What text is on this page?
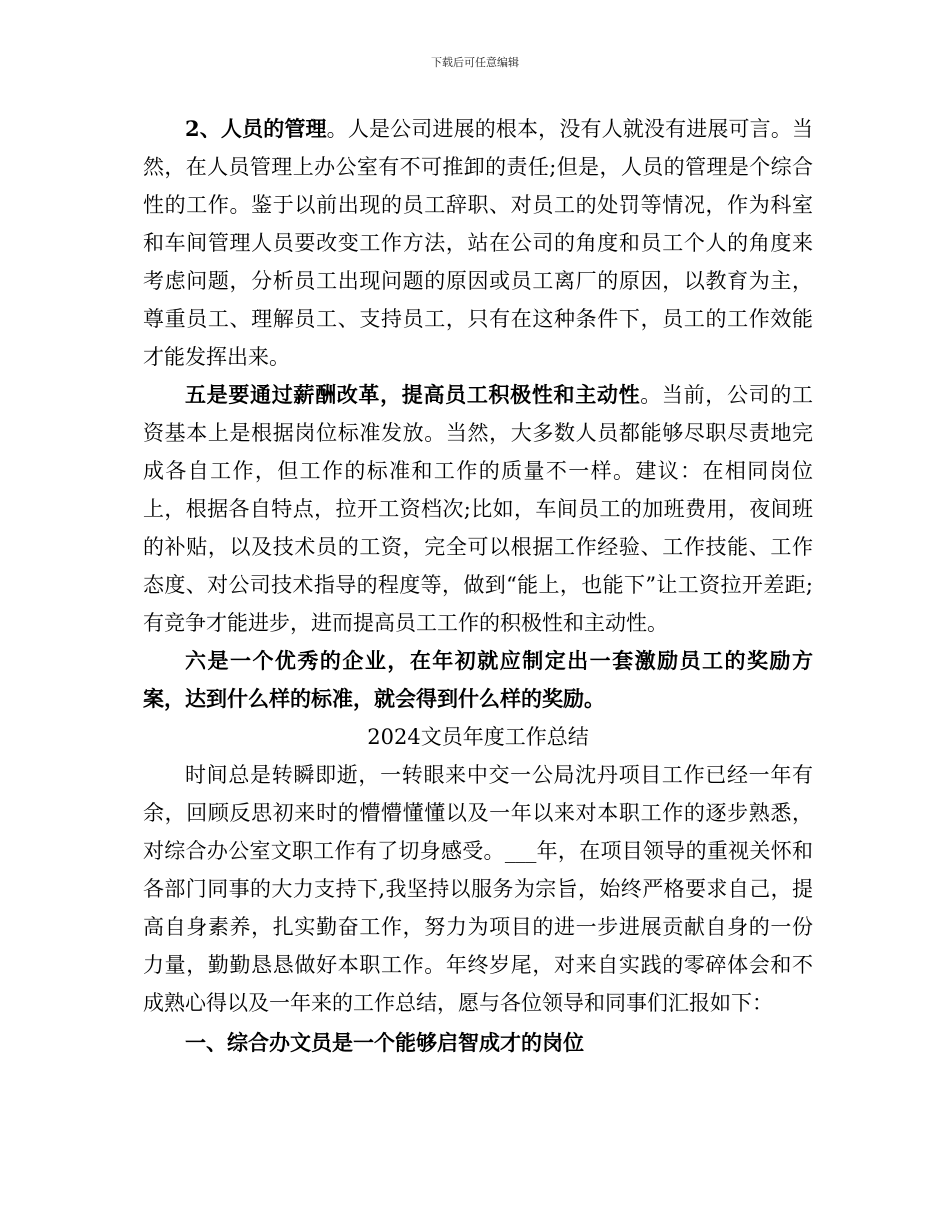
下载后可任意编辑

2、人员的管理。人是公司进展的根本，没有人就没有进展可言。当然，在人员管理上办公室有不可推卸的责任;但是，人员的管理是个综合性的工作。鉴于以前出现的员工辞职、对员工的处罚等情况，作为科室和车间管理人员要改变工作方法，站在公司的角度和员工个人的角度来考虑问题，分析员工出现问题的原因或员工离厂的原因，以教育为主，尊重员工、理解员工、支持员工，只有在这种条件下，员工的工作效能才能发挥出来。

五是要通过薪酬改革，提高员工积极性和主动性。当前，公司的工资基本上是根据岗位标准发放。当然，大多数人员都能够尽职尽责地完成各自工作，但工作的标准和工作的质量不一样。建议：在相同岗位上，根据各自特点，拉开工资档次;比如，车间员工的加班费用，夜间班的补贴，以及技术员的工资，完全可以根据工作经验、工作技能、工作态度、对公司技术指导的程度等，做到“能上，也能下”让工资拉开差距;有竞争才能进步，进而提高员工工作的积极性和主动性。

六是一个优秀的企业，在年初就应制定出一套激励员工的奖励方案，达到什么样的标准，就会得到什么样的奖励。

2024文员年度工作总结

时间总是转瞬即逝，一转眼来中交一公局沈丹项目工作已经一年有余，回顾反思初来时的懵懵懂懂以及一年以来对本职工作的逐步熟悉，对综合办公室文职工作有了切身感受。___年，在项目领导的重视关怀和各部门同事的大力支持下,我坚持以服务为宗旨，始终严格要求自己，提高自身素养，扎实勤奋工作，努力为项目的进一步进展贡献自身的一份力量，勤勤恳恳做好本职工作。年终岁尾，对来自实践的零碎体会和不成熟心得以及一年来的工作总结，愿与各位领导和同事们汇报如下：

一、综合办文员是一个能够启智成才的岗位
